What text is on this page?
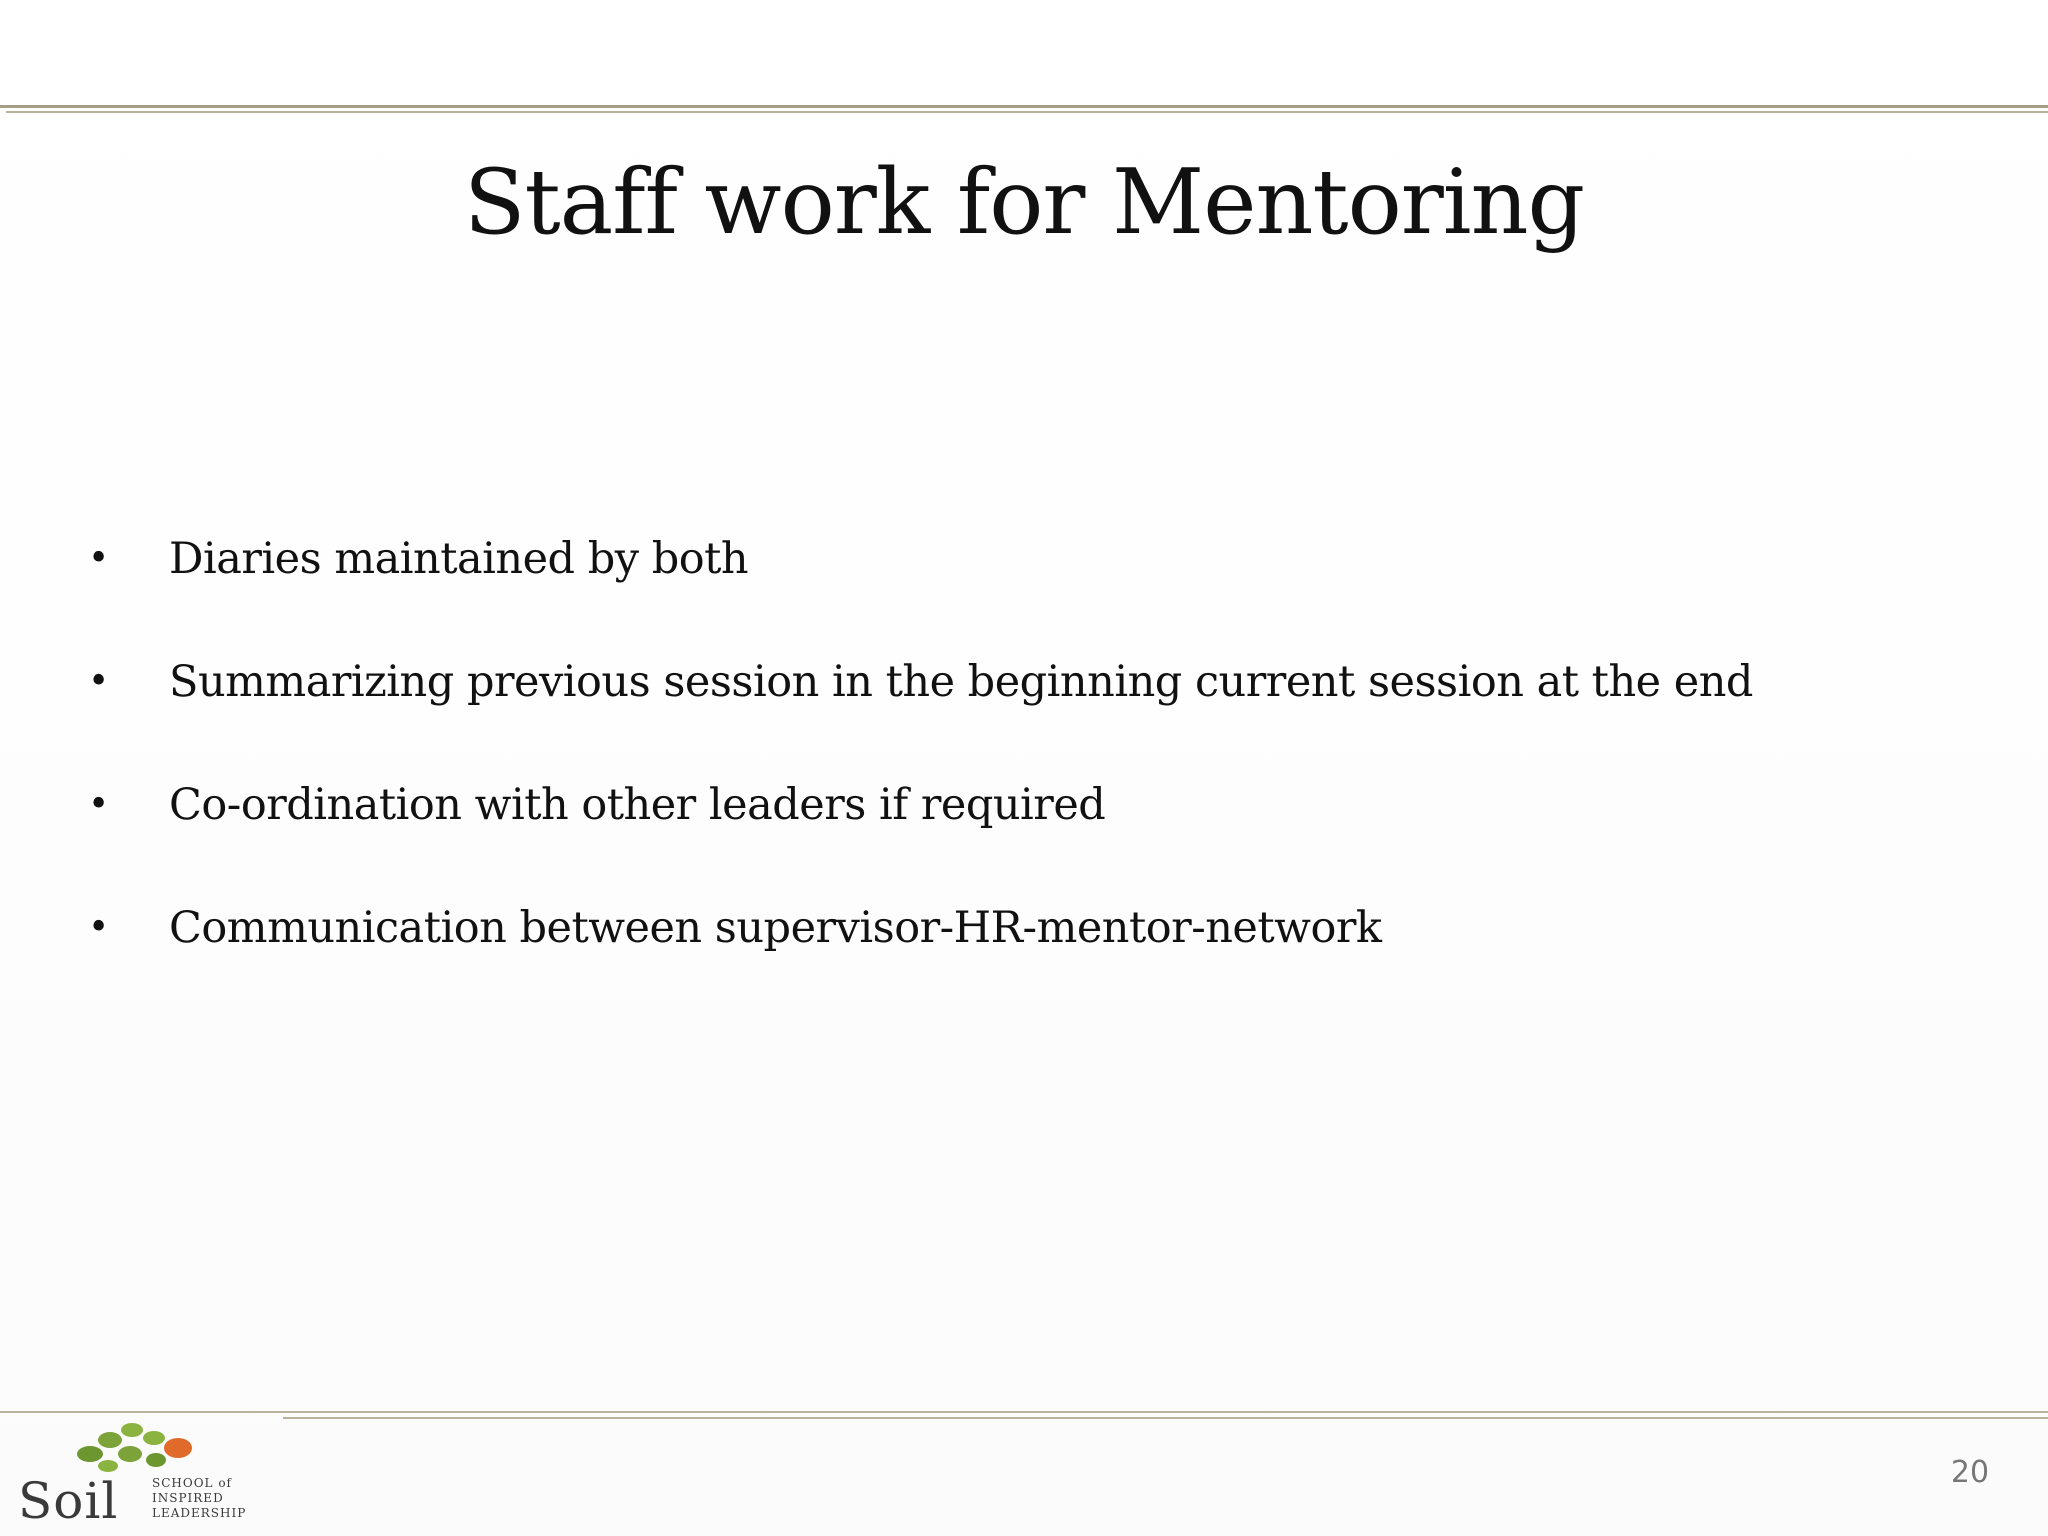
Staff work for Mentoring
• Diaries maintained by both
• Summarizing previous session in the beginning current session at the end
• Co-ordination with other leaders if required
• Communication between supervisor-HR-mentor-network
Soil	SCHOOL of
INSPIRED
LEADERSHIP
20
